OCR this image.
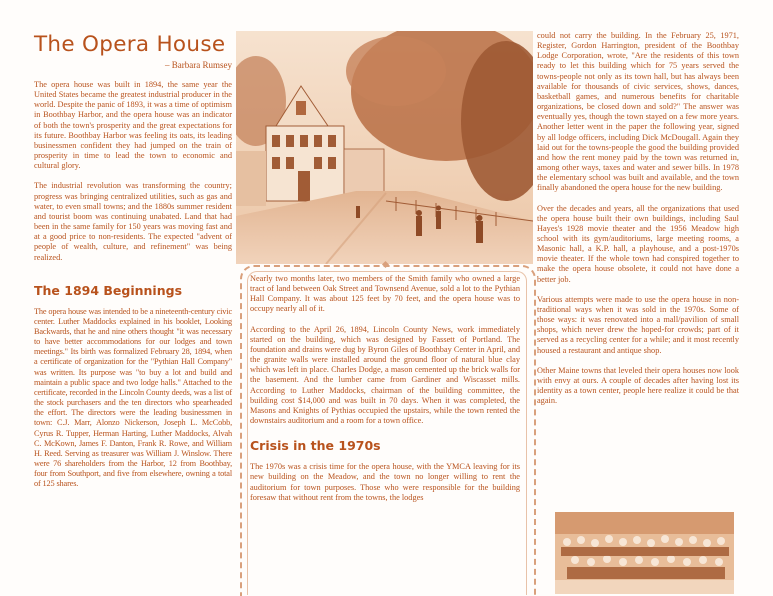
The Opera House
– Barbara Rumsey

The opera house was built in 1894, the same year the United States became the greatest industrial producer in the world. Despite the panic of 1893, it was a time of optimism in Boothbay Harbor, and the opera house was an indicator of both the town's prosperity and the great expectations for its future. Boothbay Harbor was feeling its oats, its leading businessmen confident they had jumped on the train of prosperity in time to lead the town to economic and cultural glory.

The industrial revolution was transforming the country; progress was bringing centralized utilities, such as gas and water, to even small towns; and the 1880s summer resident and tourist boom was continuing unabated. Land that had been in the same family for 150 years was moving fast and at a good price to non-residents. The expected "advent of people of wealth, culture, and refinement" was being realized.

The 1894 Beginnings

The opera house was intended to be a nineteenth-century civic center. Luther Maddocks explained in his booklet, Looking Backwards, that he and nine others thought "it was necessary to have better accommodations for our lodges and town meetings." Its birth was formalized February 28, 1894, when a certificate of organization for the "Pythian Hall Company" was written. Its purpose was "to buy a lot and build and maintain a public space and two lodge halls." Attached to the certificate, recorded in the Lincoln County deeds, was a list of the stock purchasers and the ten directors who spearheaded the effort. The directors were the leading businessmen in town: C.J. Marr, Alonzo Nickerson, Joseph L. McCobb, Cyrus R. Tupper, Herman Harting, Luther Maddocks, Alvah C. McKown, James F. Danton, Frank R. Rowe, and William H. Reed. Serving as treasurer was William J. Winslow. There were 76 shareholders from the Harbor, 12 from Boothbay, four from Southport, and five from elsewhere, owning a total of 125 shares.

Nearly two months later, two members of the Smith family who owned a large tract of land between Oak Street and Townsend Avenue, sold a lot to the Pythian Hall Company. It was about 125 feet by 70 feet, and the opera house was to occupy nearly all of it.

According to the April 26, 1894, Lincoln County News, work immediately started on the building, which was designed by Fassett of Portland. The foundation and drains were dug by Byron Giles of Boothbay Center in April, and the granite walls were installed around the ground floor of natural blue clay which was left in place. Charles Dodge, a mason cemented up the brick walls for the basement. And the lumber came from Gardiner and Wiscasset mills. According to Luther Maddocks, chairman of the building committee, the building cost $14,000 and was built in 70 days. When it was completed, the Masons and Knights of Pythias occupied the upstairs, while the town rented the downstairs auditorium and a room for a town office.

Crisis in the 1970s

The 1970s was a crisis time for the opera house, with the YMCA leaving for its new building on the Meadow, and the town no longer willing to rent the auditorium for town purposes. Those who were responsible for the building foresaw that without rent from the towns, the lodges

could not carry the building. In the February 25, 1971, Register, Gordon Harrington, president of the Boothbay Lodge Corporation, wrote, "Are the residents of this town ready to let this building which for 75 years served the towns-people not only as its town hall, but has always been available for thousands of civic services, shows, dances, basketball games, and numerous benefits for charitable organizations, be closed down and sold?" The answer was eventually yes, though the town stayed on a few more years. Another letter went in the paper the following year, signed by all lodge officers, including Dick McDougall. Again they laid out for the towns-people the good the building provided and how the rent money paid by the town was returned in, among other ways, taxes and water and sewer bills. In 1978 the elementary school was built and available, and the town finally abandoned the opera house for the new building.

Over the decades and years, all the organizations that used the opera house built their own buildings, including Saul Hayes's 1928 movie theater and the 1956 Meadow high school with its gym/auditoriums, large meeting rooms, a Masonic hall, a K.P. hall, a playhouse, and a post-1970s movie theater. If the whole town had conspired together to make the opera house obsolete, it could not have done a better job.

Various attempts were made to use the opera house in non-traditional ways when it was sold in the 1970s. Some of those ways: it was renovated into a mall/pavilion of small shops, which never drew the hoped-for crowds; part of it served as a recycling center for a while; and it most recently housed a restaurant and antique shop.

Other Maine towns that leveled their opera houses now look with envy at ours. A couple of decades after having lost its identity as a town center, people here realize it could be that again.
